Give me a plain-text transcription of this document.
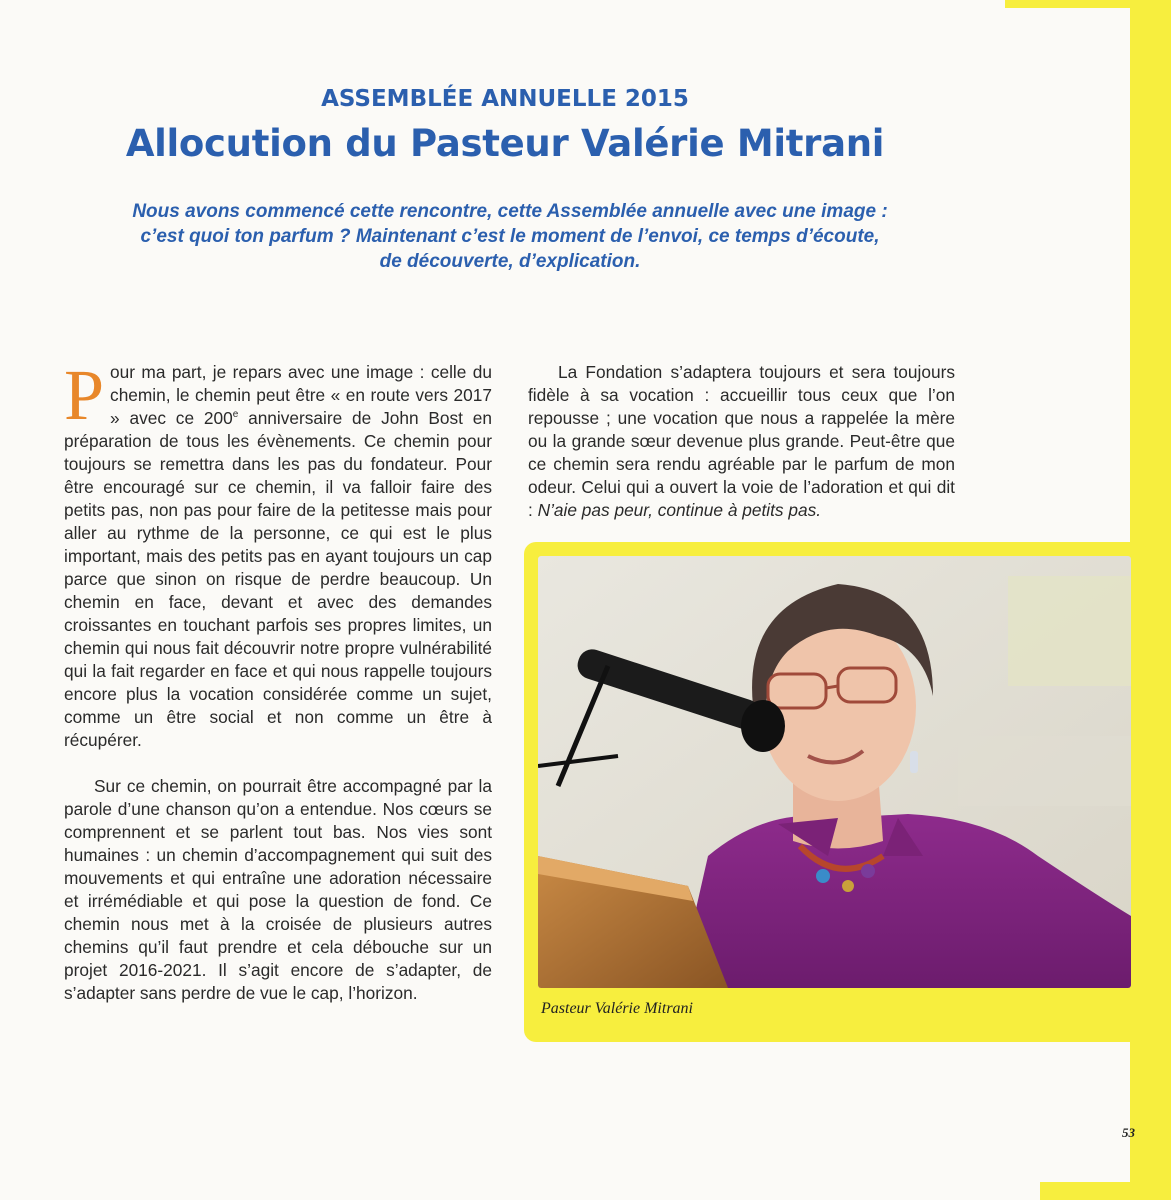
ASSEMBLÉE ANNUELLE 2015
Allocution du Pasteur Valérie Mitrani

Nous avons commencé cette rencontre, cette Assemblée annuelle avec une image :

c’est quoi ton parfum ? Maintenant c’est le moment de l’envoi, ce temps d’écoute,

de découverte, d’explication.

Pour ma part, je repars avec une image : celle du chemin, le chemin peut être « en route vers 2017 » avec ce 200e anniversaire de John Bost en préparation de tous les évènements. Ce chemin pour toujours se remettra dans les pas du fondateur. Pour être encouragé sur ce chemin, il va falloir faire des petits pas, non pas pour faire de la petitesse mais pour aller au rythme de la personne, ce qui est le plus important, mais des petits pas en ayant toujours un cap parce que sinon on risque de perdre beaucoup. Un chemin en face, devant et avec des demandes croissantes en touchant parfois ses propres limites, un chemin qui nous fait découvrir notre propre vulnérabilité qui la fait regarder en face et qui nous rappelle toujours encore plus la vocation considérée comme un sujet, comme un être social et non comme un être à récupérer.

Sur ce chemin, on pourrait être accompagné par la parole d’une chanson qu’on a entendue. Nos cœurs se comprennent et se parlent tout bas. Nos vies sont humaines : un chemin d’accompagnement qui suit des mouvements et qui entraîne une adoration nécessaire et irrémédiable et qui pose la question de fond. Ce chemin nous met à la croisée de plusieurs autres chemins qu’il faut prendre et cela débouche sur un projet 2016-2021. Il s’agit encore de s’adapter, de s’adapter sans perdre de vue le cap, l’horizon.

La Fondation s’adaptera toujours et sera toujours fidèle à sa vocation : accueillir tous ceux que l’on repousse ; une vocation que nous a rappelée la mère ou la grande sœur devenue plus grande. Peut-être que ce chemin sera rendu agréable par le parfum de mon odeur. Celui qui a ouvert la voie de l’adoration et qui dit : N’aie pas peur, continue à petits pas.

Pasteur Valérie Mitrani
53
